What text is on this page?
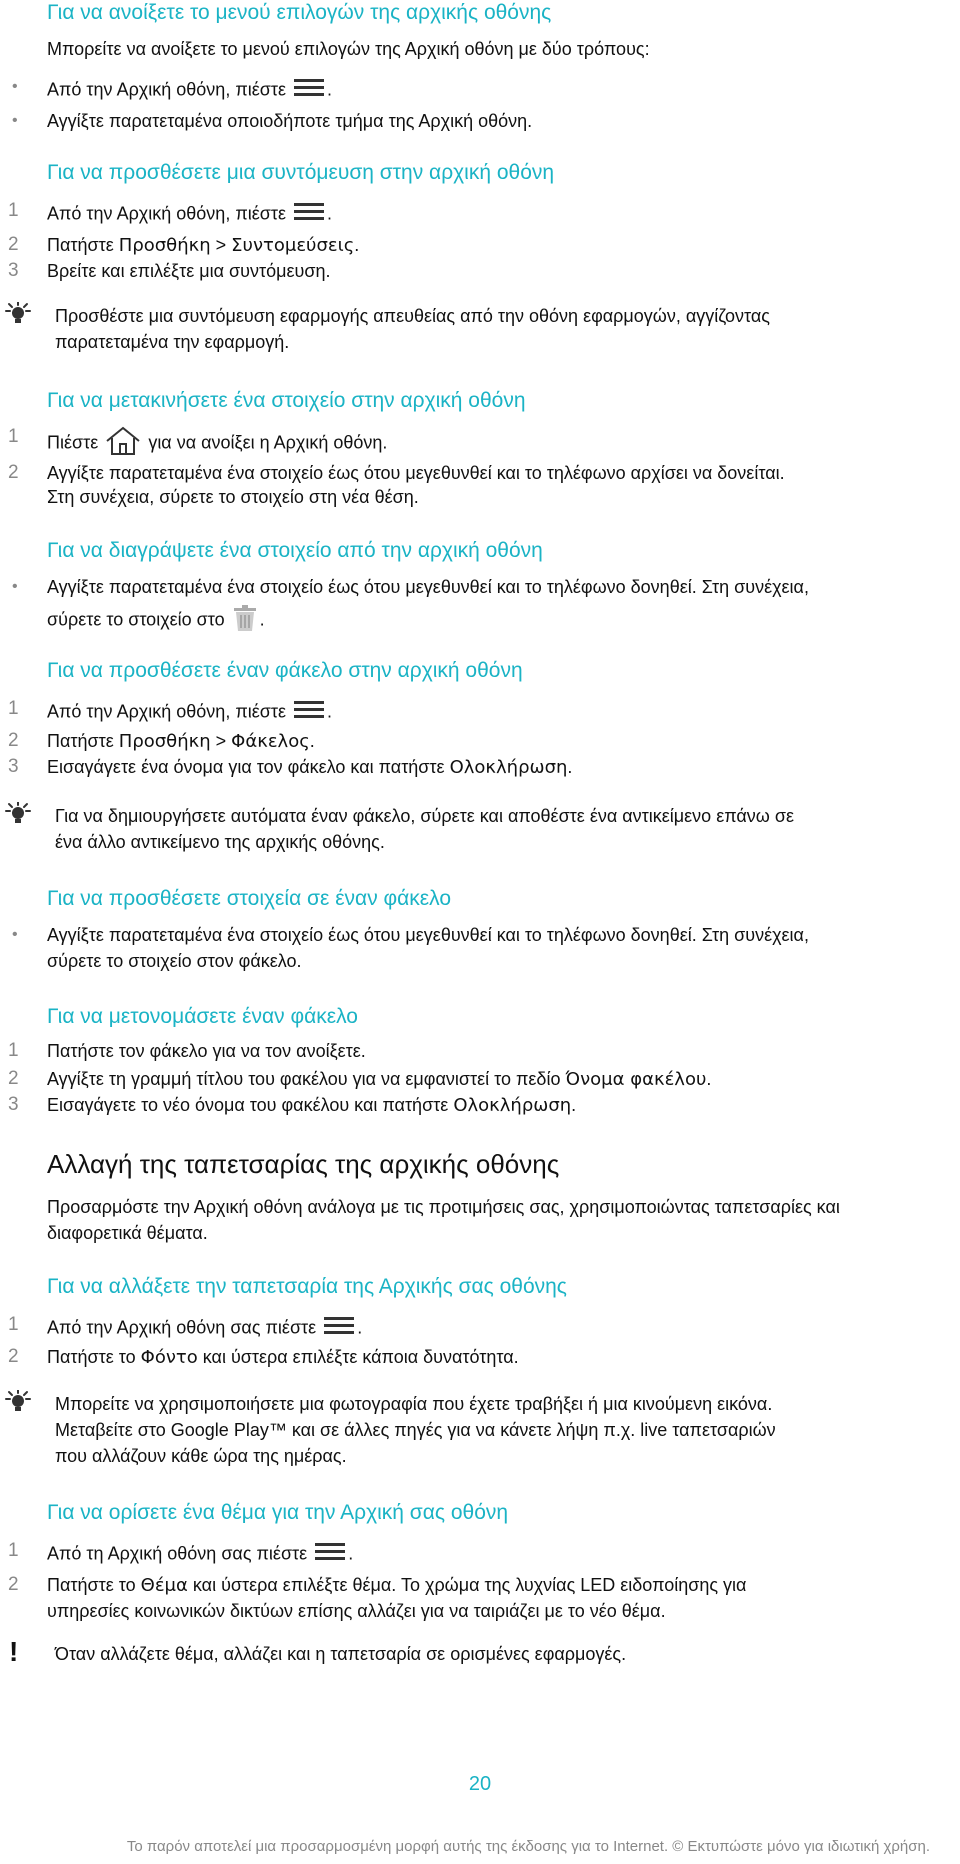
Για να ανοίξετε το μενού επιλογών της αρχικής οθόνης
Μπορείτε να ανοίξετε το μενού επιλογών της Αρχική οθόνη με δύο τρόπους:
• Από την Αρχική οθόνη, πιέστε .
• Αγγίξτε παρατεταμένα οποιοδήποτε τμήμα της Αρχική οθόνη.
Για να προσθέσετε μια συντόμευση στην αρχική οθόνη
1 Από την Αρχική οθόνη, πιέστε .
2 Πατήστε Προσθήκη > Συντομεύσεις.
3 Βρείτε και επιλέξτε μια συντόμευση.
Προσθέστε μια συντόμευση εφαρμογής απευθείας από την οθόνη εφαρμογών, αγγίζοντας
παρατεταμένα την εφαρμογή.
Για να μετακινήσετε ένα στοιχείο στην αρχική οθόνη
1 Πιέστε	για να ανοίξει η Αρχική οθόνη.
2 Αγγίξτε παρατεταμένα ένα στοιχείο έως ότου μεγεθυνθεί και το τηλέφωνο αρχίσει να δονείται.
Στη συνέχεια, σύρετε το στοιχείο στη νέα θέση.
Για να διαγράψετε ένα στοιχείο από την αρχική οθόνη
• Αγγίξτε παρατεταμένα ένα στοιχείο έως ότου μεγεθυνθεί και το τηλέφωνο δονηθεί. Στη συνέχεια,
σύρετε το στοιχείο στο .
Για να προσθέσετε έναν φάκελο στην αρχική οθόνη
1 Από την Αρχική οθόνη, πιέστε .
2 Πατήστε Προσθήκη > Φάκελος.
3 Εισαγάγετε ένα όνομα για τον φάκελο και πατήστε Ολοκλήρωση.
Για να δημιουργήσετε αυτόματα έναν φάκελο, σύρετε και αποθέστε ένα αντικείμενο επάνω σε
ένα άλλο αντικείμενο της αρχικής οθόνης.
Για να προσθέσετε στοιχεία σε έναν φάκελο
• Αγγίξτε παρατεταμένα ένα στοιχείο έως ότου μεγεθυνθεί και το τηλέφωνο δονηθεί. Στη συνέχεια,
σύρετε το στοιχείο στον φάκελο.
Για να μετονομάσετε έναν φάκελο
1 Πατήστε τον φάκελο για να τον ανοίξετε.
2 Αγγίξτε τη γραμμή τίτλου του φακέλου για να εμφανιστεί το πεδίο Όνομα φακέλου.
3 Εισαγάγετε το νέο όνομα του φακέλου και πατήστε Ολοκλήρωση.
Αλλαγή της ταπετσαρίας της αρχικής οθόνης
Προσαρμόστε την Αρχική οθόνη ανάλογα με τις προτιμήσεις σας, χρησιμοποιώντας ταπετσαρίες και
διαφορετικά θέματα.
Για να αλλάξετε την ταπετσαρία της Αρχικής σας οθόνης
1 Από την Αρχική οθόνη σας πιέστε .
2 Πατήστε το Φόντο και ύστερα επιλέξτε κάποια δυνατότητα.
Μπορείτε να χρησιμοποιήσετε μια φωτογραφία που έχετε τραβήξει ή μια κινούμενη εικόνα.
Μεταβείτε στο Google Play™ και σε άλλες πηγές για να κάνετε λήψη π.χ. live ταπετσαριών
που αλλάζουν κάθε ώρα της ημέρας.
Για να ορίσετε ένα θέμα για την Αρχική σας οθόνη
1 Από τη Αρχική οθόνη σας πιέστε .
2 Πατήστε το Θέμα και ύστερα επιλέξτε θέμα. Το χρώμα της λυχνίας LED ειδοποίησης για
υπηρεσίες κοινωνικών δικτύων επίσης αλλάζει για να ταιριάζει με το νέο θέμα.
! Όταν αλλάζετε θέμα, αλλάζει και η ταπετσαρία σε ορισμένες εφαρμογές.
20
Το παρόν αποτελεί μια προσαρμοσμένη μορφή αυτής της έκδοσης για το Internet. © Εκτυπώστε μόνο για ιδιωτική χρήση.
